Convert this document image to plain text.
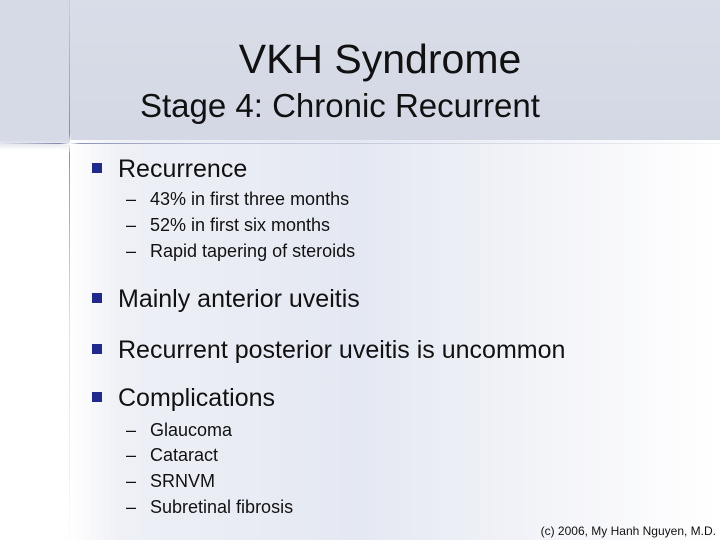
VKH Syndrome
Stage 4: Chronic Recurrent
Recurrence
– 43% in first three months
– 52% in first six months
– Rapid tapering of steroids
Mainly anterior uveitis
Recurrent posterior uveitis is uncommon
Complications
– Glaucoma
– Cataract
– SRNVM
– Subretinal fibrosis
(c) 2006, My Hanh Nguyen, M.D.
